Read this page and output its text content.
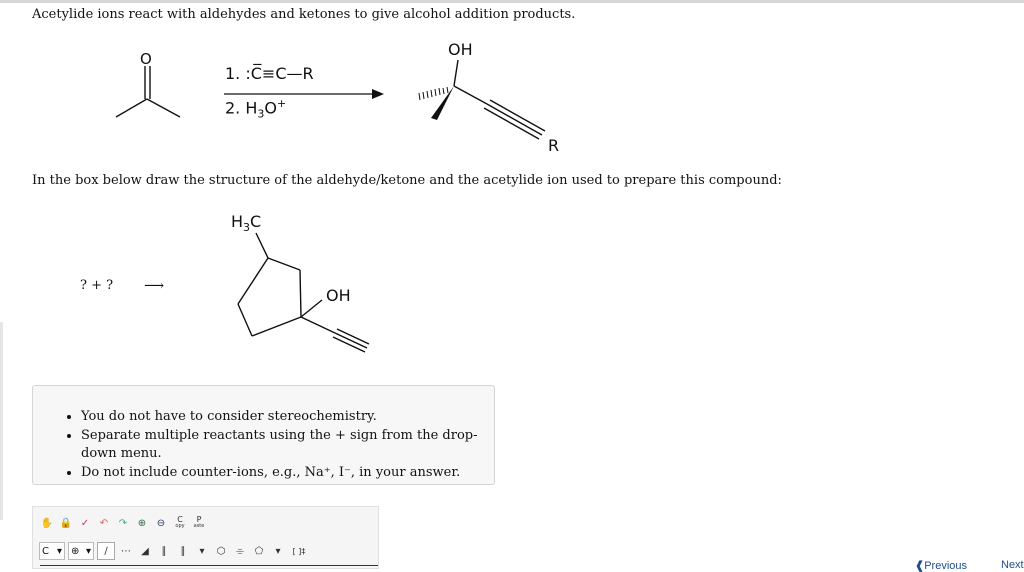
Acetylide ions react with aldehydes and ketones to give alcohol addition products.
O
1. :C̅≡C—R
2. $H_3O^+$
OH
R
In the box below draw the structure of the aldehyde/ketone and the acetylide ion used to prepare this compound:
? + ? ⟶
$H_3C$
OH
• You do not have to consider stereochemistry.
• Separate multiple reactants using the + sign from the drop-down menu.
• Do not include counter-ions, e.g., Na⁺, I⁻, in your answer.
✋ 🔒 ✓	↶	↷	⊕	⊖	C
opy
P
aste
C ▾ ⊕ ▾	∕	⋯	◢	∥	∥	▾	⬡	⌯	⬠	▾	[ ]‡
❰Previous	Next
